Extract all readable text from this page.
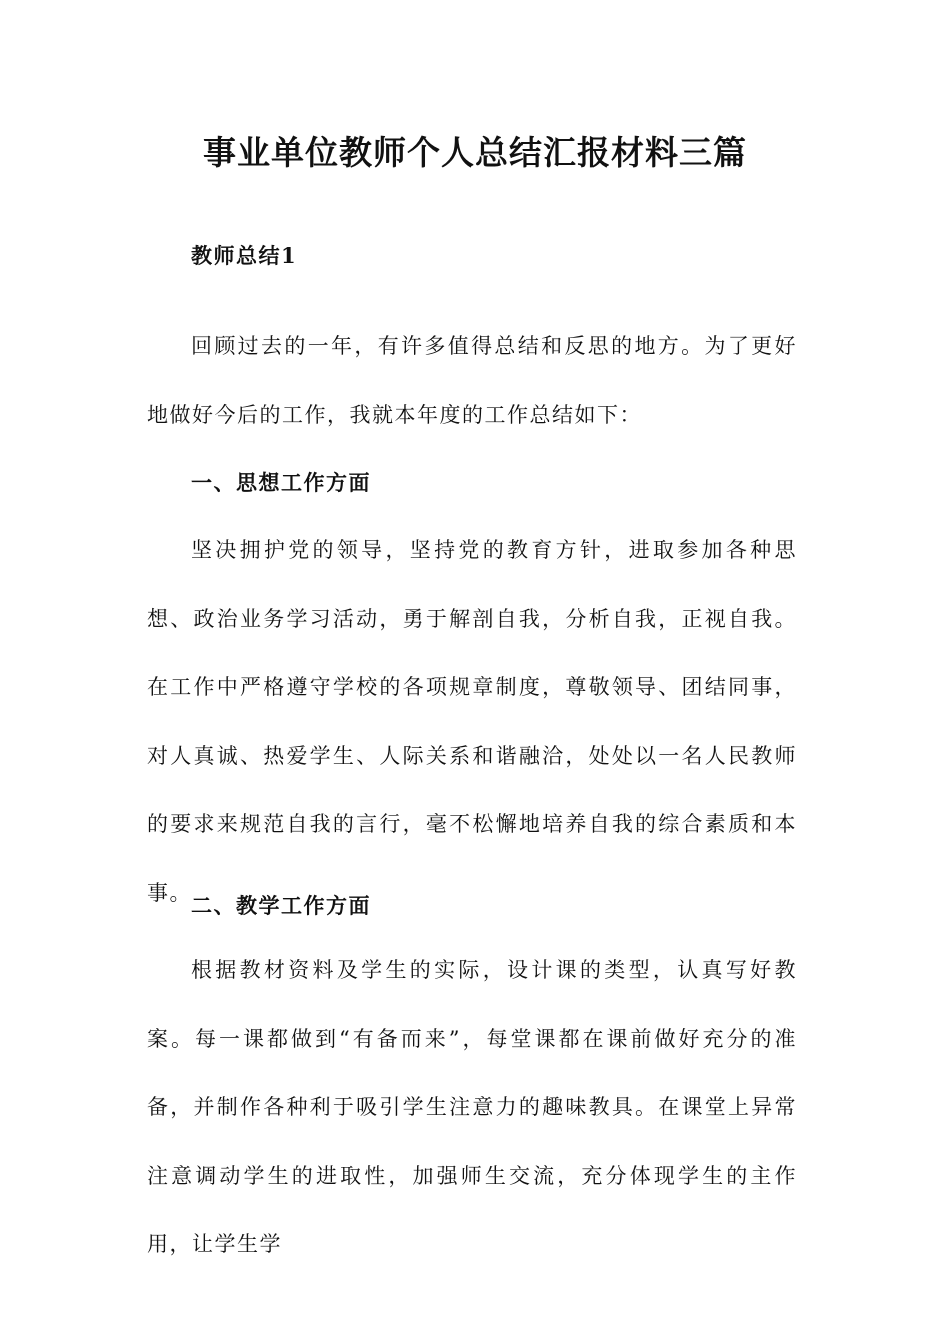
事业单位教师个人总结汇报材料三篇
教师总结1

回顾过去的一年，有许多值得总结和反思的地方。为了更好地做好今后的工作，我就本年度的工作总结如下：

一、思想工作方面

坚决拥护党的领导，坚持党的教育方针，进取参加各种思想、政治业务学习活动，勇于解剖自我，分析自我，正视自我。在工作中严格遵守学校的各项规章制度，尊敬领导、团结同事，对人真诚、热爱学生、人际关系和谐融洽，处处以一名人民教师的要求来规范自我的言行，毫不松懈地培养自我的综合素质和本事。

二、教学工作方面

根据教材资料及学生的实际，设计课的类型，认真写好教案。每一课都做到“有备而来”，每堂课都在课前做好充分的准备，并制作各种利于吸引学生注意力的趣味教具。在课堂上异常注意调动学生的进取性，加强师生交流，充分体现学生的主作用，让学生学
